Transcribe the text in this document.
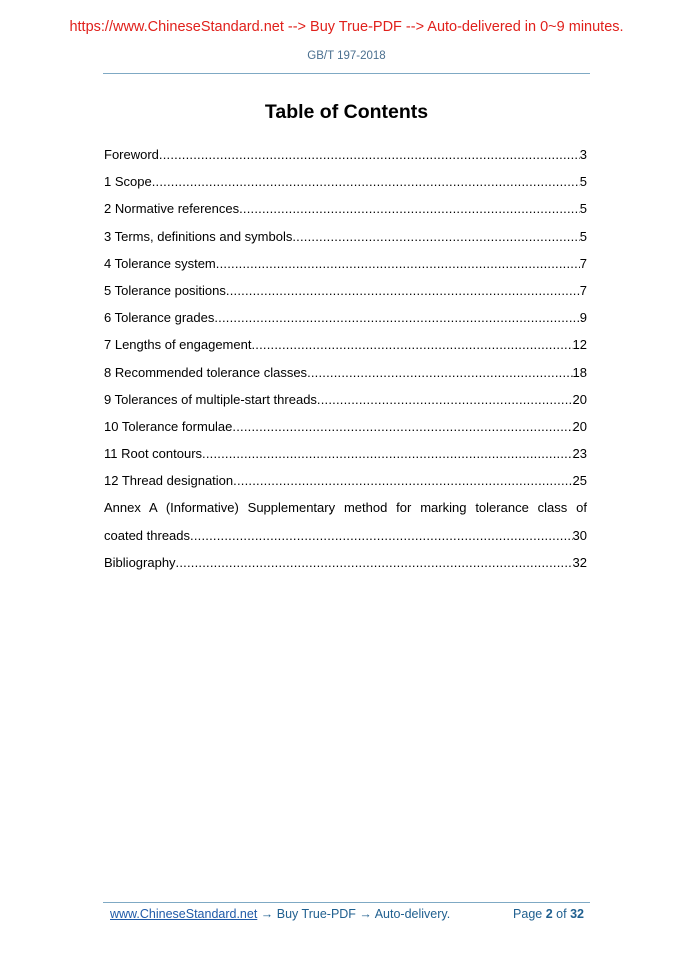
https://www.ChineseStandard.net --> Buy True-PDF --> Auto-delivered in 0~9 minutes.
GB/T 197-2018
Table of Contents
Foreword .....	3
1 Scope .....	5
2 Normative references .....	5
3 Terms, definitions and symbols .....	5
4 Tolerance system .....	7
5 Tolerance positions .....	7
6 Tolerance grades .....	9
7 Lengths of engagement .....	12
8 Recommended tolerance classes .....	18
9 Tolerances of multiple-start threads .....	20
10 Tolerance formulae .....	20
11 Root contours .....	23
12 Thread designation .....	25
Annex A (Informative) Supplementary method for marking tolerance class of
coated threads .....	30
Bibliography .....	32
www.ChineseStandard.net → Buy True-PDF → Auto-delivery.	Page 2 of 32
